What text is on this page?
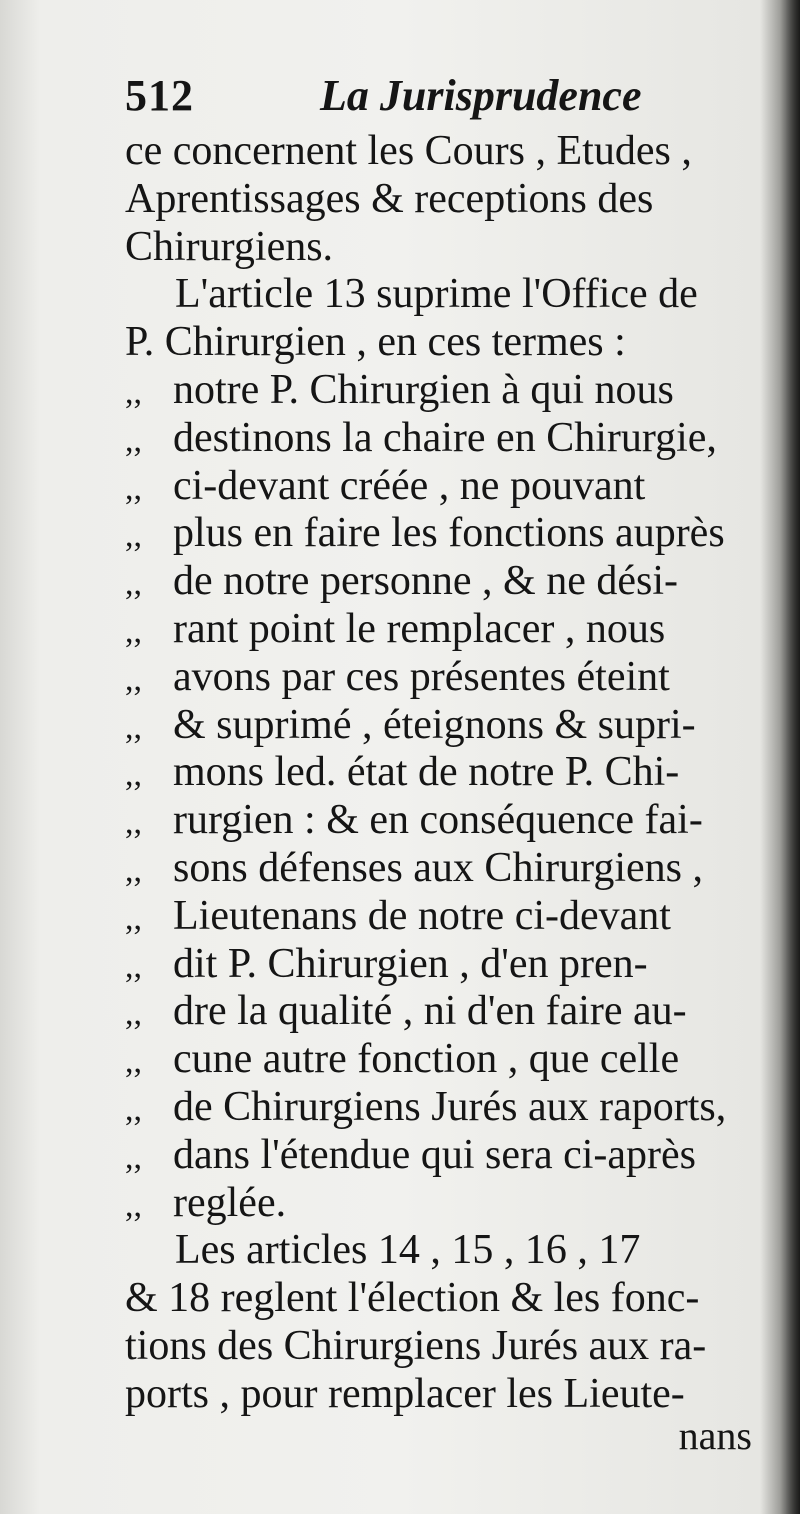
512	La Jurisprudence
ce concernent les Cours , Etudes ,
Aprentissages & receptions des
Chirurgiens.
L'article 13 suprime l'Office de
P. Chirurgien , en ces termes :
,, notre P. Chirurgien à qui nous
,, destinons la chaire en Chirurgie,
,, ci-devant créée , ne pouvant
,, plus en faire les fonctions auprès
,, de notre personne , & ne dési-
,, rant point le remplacer , nous
,, avons par ces présentes éteint
,, & suprimé , éteignons & supri-
,, mons led. état de notre P. Chi-
,, rurgien : & en conséquence fai-
,, sons défenses aux Chirurgiens ,
,, Lieutenans de notre ci-devant
,, dit P. Chirurgien , d'en pren-
,, dre la qualité , ni d'en faire au-
,, cune autre fonction , que celle
,, de Chirurgiens Jurés aux raports,
,, dans l'étendue qui sera ci-après
,, reglée.
Les articles 14 , 15 , 16 , 17
& 18 reglent l'élection & les fonc-
tions des Chirurgiens Jurés aux ra-
ports , pour remplacer les Lieute-
nans
